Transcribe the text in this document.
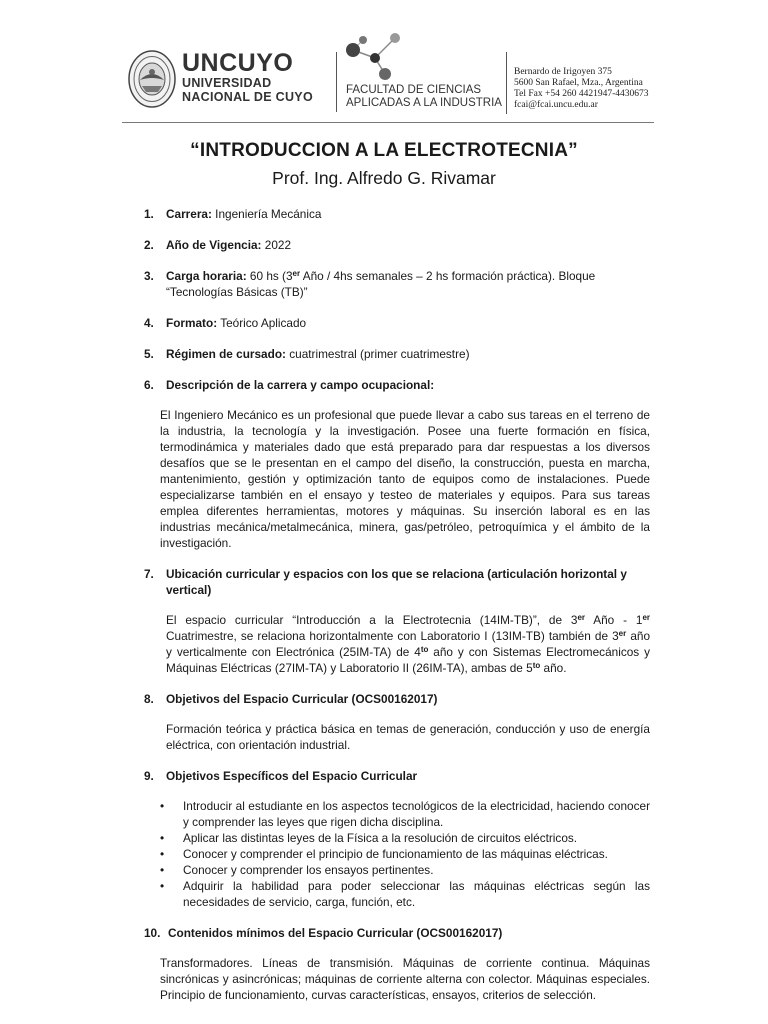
UNCUYO
UNIVERSIDAD
NACIONAL DE CUYO	FACULTAD DE CIENCIAS
APLICADAS A LA INDUSTRIA
Bernardo de Irigoyen 375
5600 San Rafael, Mza., Argentina
Tel Fax +54 260 4421947-4430673
fcai@fcai.uncu.edu.ar
“INTRODUCCION A LA ELECTROTECNIA”
Prof. Ing. Alfredo G. Rivamar
1.	Carrera: Ingeniería Mecánica
2.	Año de Vigencia: 2022
3.	Carga horaria: 60 hs (3er Año / 4hs semanales – 2 hs formación práctica). Bloque “Tecnologías Básicas (TB)”
4.	Formato: Teórico Aplicado
5.	Régimen de cursado: cuatrimestral (primer cuatrimestre)
6.	Descripción de la carrera y campo ocupacional:
El Ingeniero Mecánico es un profesional que puede llevar a cabo sus tareas en el terreno de la industria, la tecnología y la investigación. Posee una fuerte formación en física, termodinámica y materiales dado que está preparado para dar respuestas a los diversos desafíos que se le presentan en el campo del diseño, la construcción, puesta en marcha, mantenimiento, gestión y optimización tanto de equipos como de instalaciones. Puede especializarse también en el ensayo y testeo de materiales y equipos. Para sus tareas emplea diferentes herramientas, motores y máquinas. Su inserción laboral es en las industrias mecánica/metalmecánica, minera, gas/petróleo, petroquímica y el ámbito de la investigación.
7.	Ubicación curricular y espacios con los que se relaciona (articulación horizontal y vertical)
El espacio curricular “Introducción a la Electrotecnia (14IM-TB)”, de 3er Año - 1er Cuatrimestre, se relaciona horizontalmente con Laboratorio I (13IM-TB) también de 3er año y verticalmente con Electrónica (25IM-TA) de $4^{to}$ año y con Sistemas Electromecánicos y Máquinas Eléctricas (27IM-TA) y Laboratorio II (26IM-TA), ambas de $5^{to}$ año.
8.	Objetivos del Espacio Curricular (OCS00162017)
Formación teórica y práctica básica en temas de generación, conducción y uso de energía eléctrica, con orientación industrial.
9.	Objetivos Específicos del Espacio Curricular
• Introducir al estudiante en los aspectos tecnológicos de la electricidad, haciendo conocer y comprender las leyes que rigen dicha disciplina.
• Aplicar las distintas leyes de la Física a la resolución de circuitos eléctricos.
• Conocer y comprender el principio de funcionamiento de las máquinas eléctricas.
• Conocer y comprender los ensayos pertinentes.
• Adquirir la habilidad para poder seleccionar las máquinas eléctricas según las necesidades de servicio, carga, función, etc.
10. Contenidos mínimos del Espacio Curricular (OCS00162017)
Transformadores. Líneas de transmisión. Máquinas de corriente continua. Máquinas sincrónicas y asincrónicas; máquinas de corriente alterna con colector. Máquinas especiales. Principio de funcionamiento, curvas características, ensayos, criterios de selección.
